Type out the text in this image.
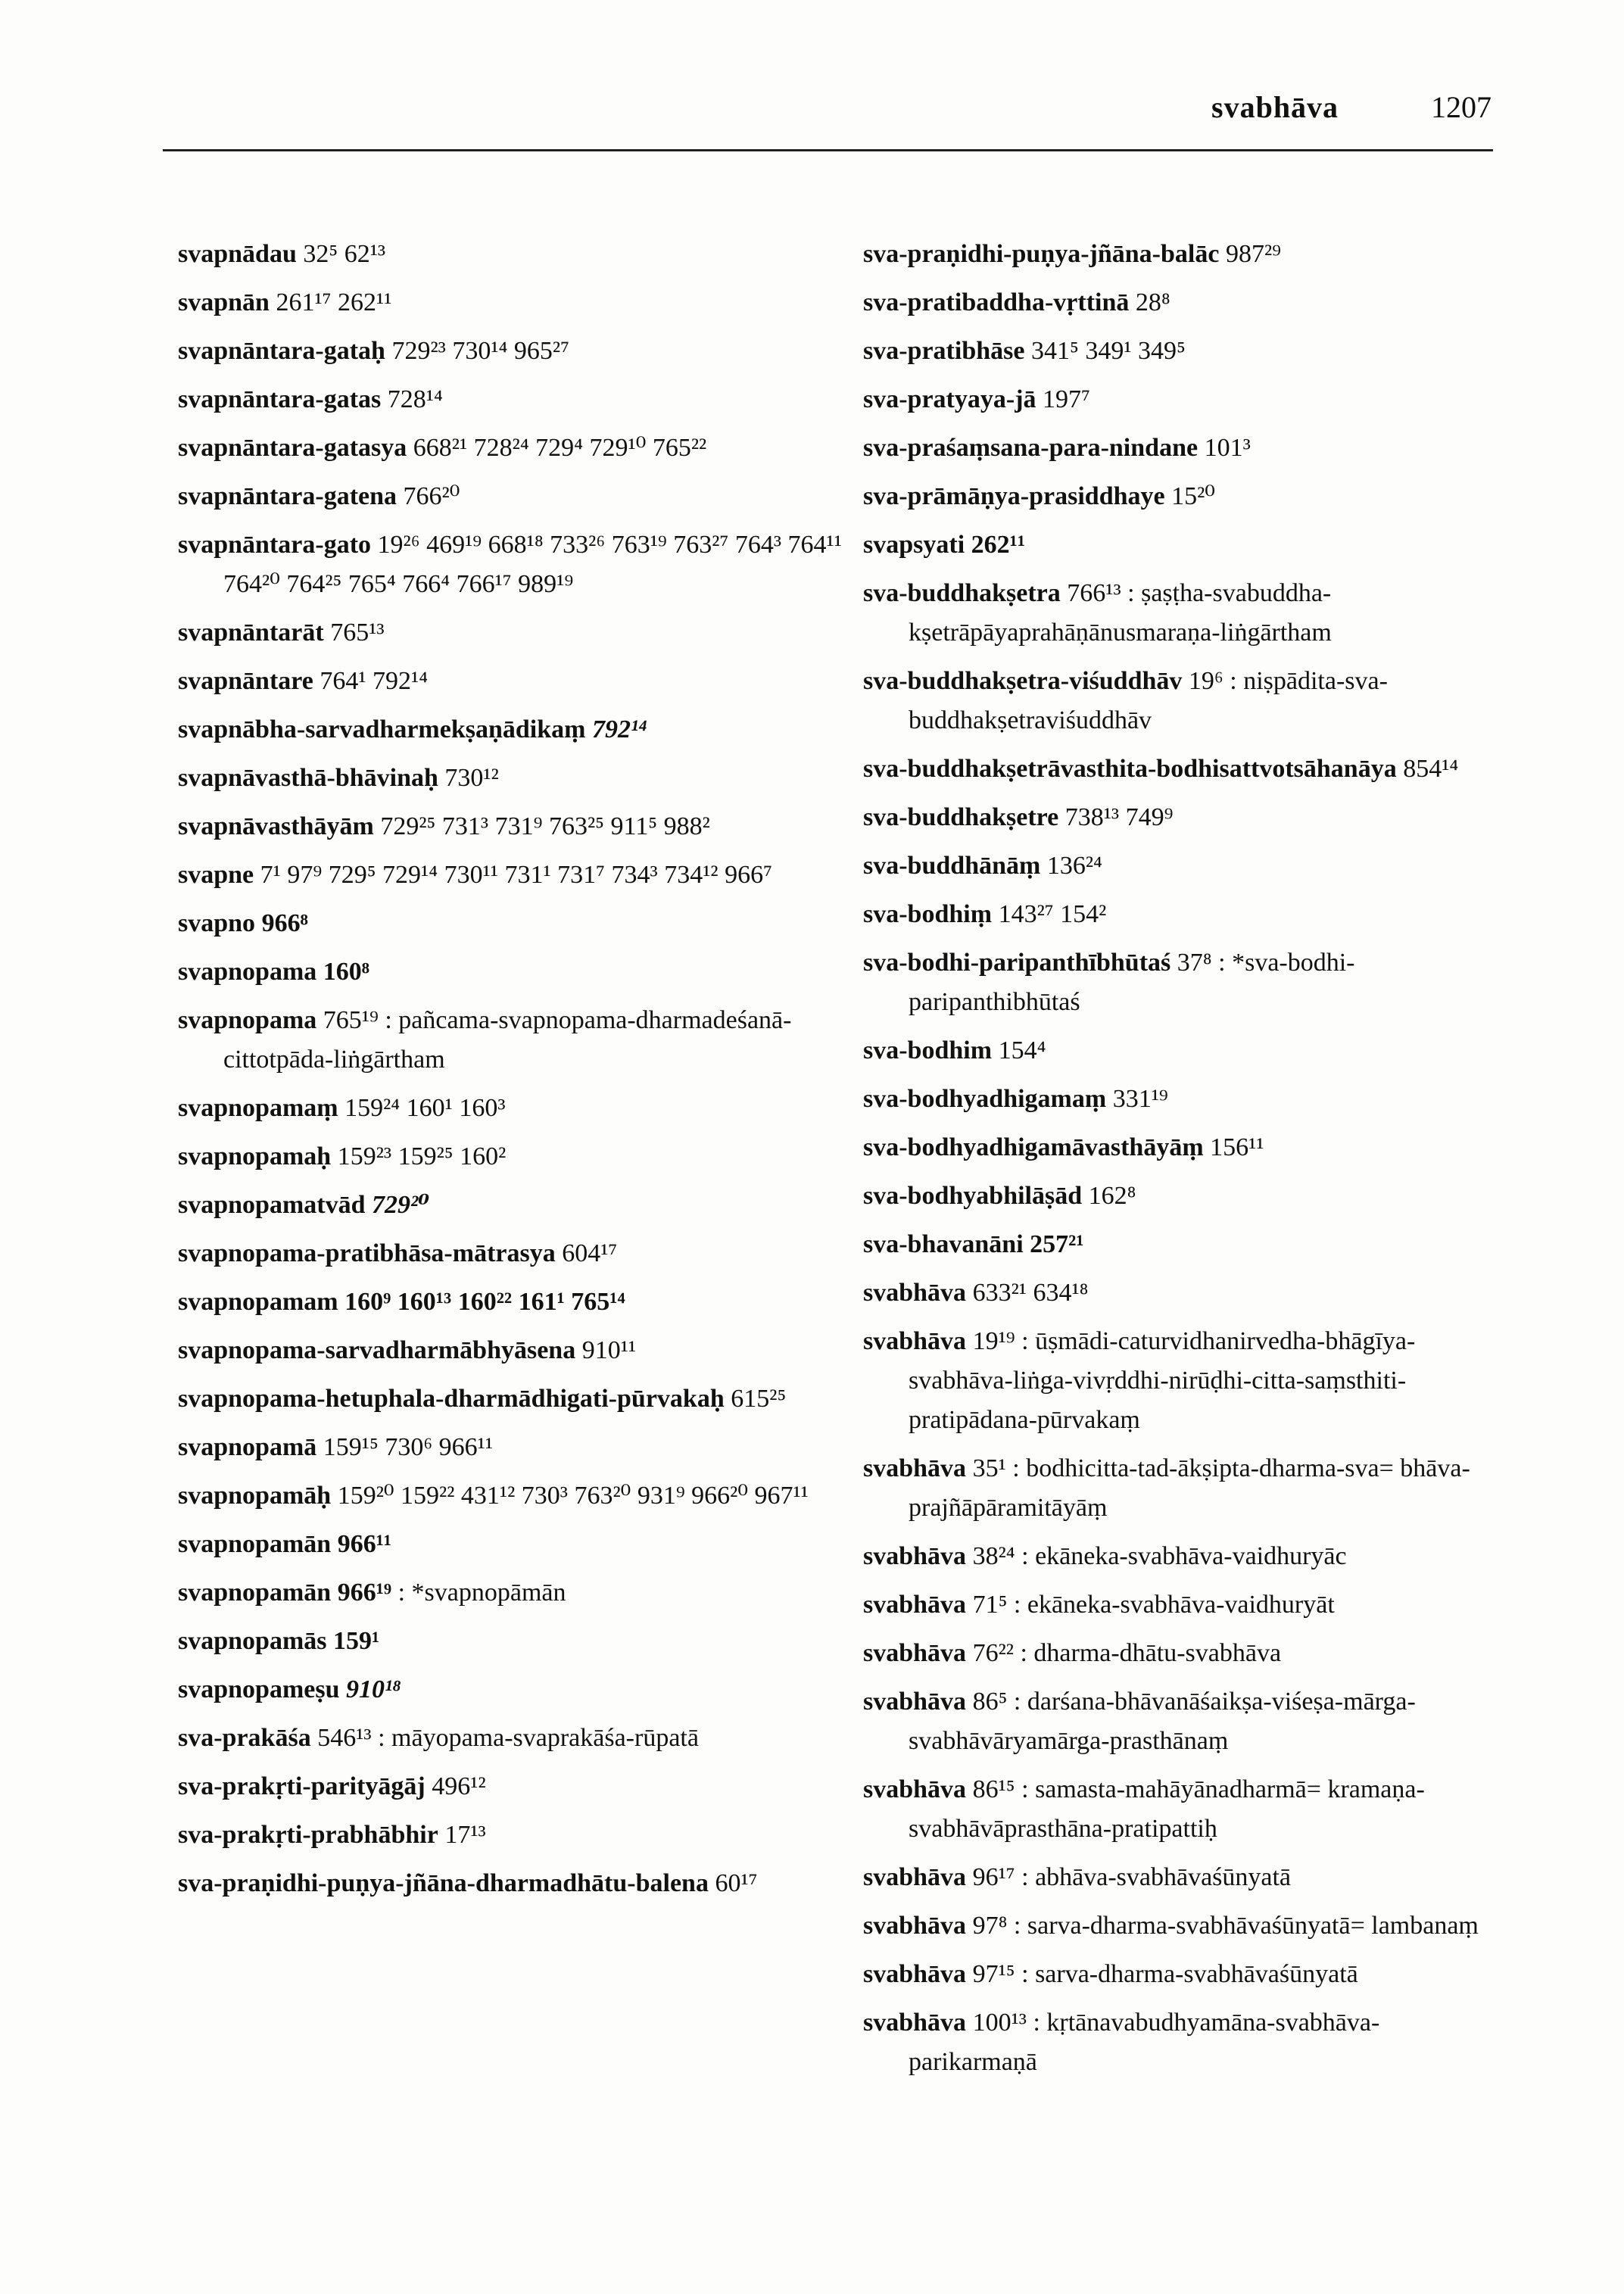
svabhāva	1207
svapnādau 32⁵ 62¹³
svapnān 261¹⁷ 262¹¹
svapnāntara-gataḥ 729²³ 730¹⁴ 965²⁷
svapnāntara-gatas 728¹⁴
svapnāntara-gatasya 668²¹ 728²⁴ 729⁴ 729¹⁰ 765²²
svapnāntara-gatena 766²⁰
svapnāntara-gato 19²⁶ 469¹⁹ 668¹⁸ 733²⁶ 763¹⁹ 763²⁷ 764³ 764¹¹ 764²⁰ 764²⁵ 765⁴ 766⁴ 766¹⁷ 989¹⁹
svapnāntarāt 765¹³
svapnāntare 764¹ 792¹⁴
svapnābha-sarvadharmekṣaṇādikaṃ 792¹⁴
svapnāvasthā-bhāvinaḥ 730¹²
svapnāvasthāyām 729²⁵ 731³ 731⁹ 763²⁵ 911⁵ 988²
svapne 7¹ 97⁹ 729⁵ 729¹⁴ 730¹¹ 731¹ 731⁷ 734³ 734¹² 966⁷
svapno 966⁸
svapnopama 160⁸
svapnopama 765¹⁹ : pañcama-svapnopama-dharmadeśanā-cittotpāda-liṅgārtham
svapnopamaṃ 159²⁴ 160¹ 160³
svapnopamaḥ 159²³ 159²⁵ 160²
svapnopamatvād 729²⁰
svapnopama-pratibhāsa-mātrasya 604¹⁷
svapnopamam 160⁹ 160¹³ 160²² 161¹ 765¹⁴
svapnopama-sarvadharmābhyāsena 910¹¹
svapnopama-hetuphala-dharmādhigati-pūrvakaḥ 615²⁵
svapnopamā 159¹⁵ 730⁶ 966¹¹
svapnopamāḥ 159²⁰ 159²² 431¹² 730³ 763²⁰ 931⁹ 966²⁰ 967¹¹
svapnopamān 966¹¹
svapnopamān 966¹⁹ : *svapnopāmān
svapnopamās 159¹
svapnopameṣu 910¹⁸
sva-prakāśa 546¹³ : māyopama-svaprakāśa-rūpatā
sva-prakṛti-parityāgāj 496¹²
sva-prakṛti-prabhābhir 17¹³
sva-praṇidhi-puṇya-jñāna-dharmadhātu-balena 60¹⁷
sva-praṇidhi-puṇya-jñāna-balāc 987²⁹
sva-pratibaddha-vṛttinā 28⁸
sva-pratibhāse 341⁵ 349¹ 349⁵
sva-pratyaya-jā 197⁷
sva-praśaṃsana-para-nindane 101³
sva-prāmāṇya-prasiddhaye 15²⁰
svapsyati 262¹¹
sva-buddhakṣetra 766¹³ : ṣaṣṭha-svabuddha-kṣetrāpāyaprahāṇānusmaraṇa-liṅgārtham
sva-buddhakṣetra-viśuddhāv 19⁶ : niṣpādita-sva-buddhakṣetraviśuddhāv
sva-buddhakṣetrāvasthita-bodhisattvotsāhanāya 854¹⁴
sva-buddhakṣetre 738¹³ 749⁹
sva-buddhānāṃ 136²⁴
sva-bodhiṃ 143²⁷ 154²
sva-bodhi-paripanthībhūtaś 37⁸ : *sva-bodhi-paripanthibhūtaś
sva-bodhim 154⁴
sva-bodhyadhigamaṃ 331¹⁹
sva-bodhyadhigamāvasthāyāṃ 156¹¹
sva-bodhyabhilāṣād 162⁸
sva-bhavanāni 257²¹
svabhāva 633²¹ 634¹⁸
svabhāva 19¹⁹ : ūṣmādi-caturvidhanirvedha-bhāgīya-svabhāva-liṅga-vivṛddhi-nirūḍhi-citta-saṃsthiti-pratipādana-pūrvakaṃ
svabhāva 35¹ : bodhicitta-tad-ākṣipta-dharma-sva= bhāva-prajñāpāramitāyāṃ
svabhāva 38²⁴ : ekāneka-svabhāva-vaidhuryāc
svabhāva 71⁵ : ekāneka-svabhāva-vaidhuryāt
svabhāva 76²² : dharma-dhātu-svabhāva
svabhāva 86⁵ : darśana-bhāvanāśaikṣa-viśeṣa-mārga-svabhāvāryamārga-prasthānaṃ
svabhāva 86¹⁵ : samasta-mahāyānadharmā= kramaṇa-svabhāvāprasthāna-pratipattiḥ
svabhāva 96¹⁷ : abhāva-svabhāvaśūnyatā
svabhāva 97⁸ : sarva-dharma-svabhāvaśūnyatā= lambanaṃ
svabhāva 97¹⁵ : sarva-dharma-svabhāvaśūnyatā
svabhāva 100¹³ : kṛtānavabudhyamāna-svabhāva-parikarmaṇā
